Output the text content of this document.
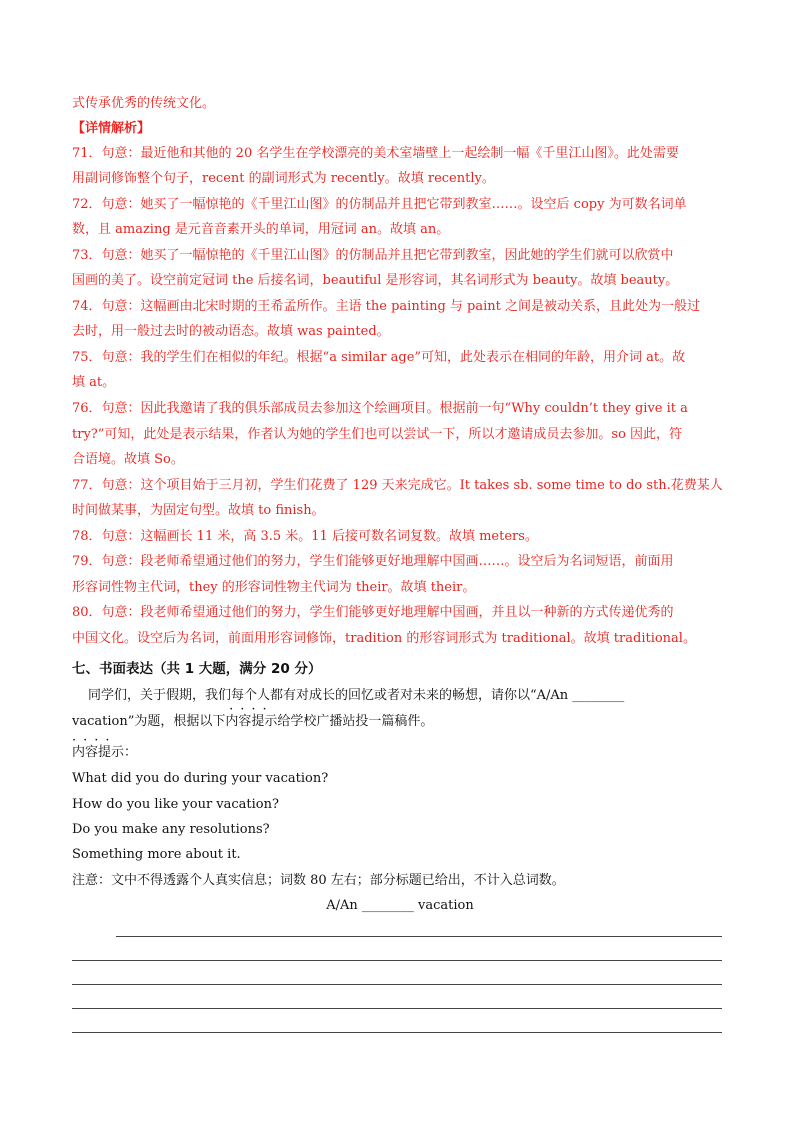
式传承优秀的传统文化。
【详情解析】
71．句意：最近他和其他的 20 名学生在学校漂亮的美术室墙壁上一起绘制一幅《千里江山图》。此处需要
用副词修饰整个句子，recent 的副词形式为 recently。故填 recently。
72．句意：她买了一幅惊艳的《千里江山图》的仿制品并且把它带到教室……。设空后 copy 为可数名词单
数，且 amazing 是元音音素开头的单词，用冠词 an。故填 an。
73．句意：她买了一幅惊艳的《千里江山图》的仿制品并且把它带到教室，因此她的学生们就可以欣赏中
国画的美了。设空前定冠词 the 后接名词，beautiful 是形容词，其名词形式为 beauty。故填 beauty。
74．句意：这幅画由北宋时期的王希孟所作。主语 the painting 与 paint 之间是被动关系，且此处为一般过
去时，用一般过去时的被动语态。故填 was painted。
75．句意：我的学生们在相似的年纪。根据“a similar age”可知，此处表示在相同的年龄，用介词 at。故
填 at。
76．句意：因此我邀请了我的俱乐部成员去参加这个绘画项目。根据前一句“Why couldn’t they give it a
try?”可知，此处是表示结果，作者认为她的学生们也可以尝试一下，所以才邀请成员去参加。so 因此，符
合语境。故填 So。
77．句意：这个项目始于三月初，学生们花费了 129 天来完成它。It takes sb. some time to do sth.花费某人
时间做某事，为固定句型。故填 to finish。
78．句意：这幅画长 11 米，高 3.5 米。11 后接可数名词复数。故填 meters。
79．句意：段老师希望通过他们的努力，学生们能够更好地理解中国画……。设空后为名词短语，前面用
形容词性物主代词，they 的形容词性物主代词为 their。故填 their。
80．句意：段老师希望通过他们的努力，学生们能够更好地理解中国画，并且以一种新的方式传递优秀的
中国文化。设空后为名词，前面用形容词修饰，tradition 的形容词形式为 traditional。故填 traditional。
七、书面表达（共 1 大题，满分 20 分）
同学们，关于假期，我们每个人都有对成长的回忆或者对未来的畅想，请你以“A/An ________
vacation”为题，根据以下内容提示
····
给学校广播站投一篇稿件。
内容提示：
····
What did you do during your vacation?
How do you like your vacation?
Do you make any resolutions?
Something more about it.
注意：文中不得透露个人真实信息；词数 80 左右；部分标题已给出，不计入总词数。
A/An ________ vacation
